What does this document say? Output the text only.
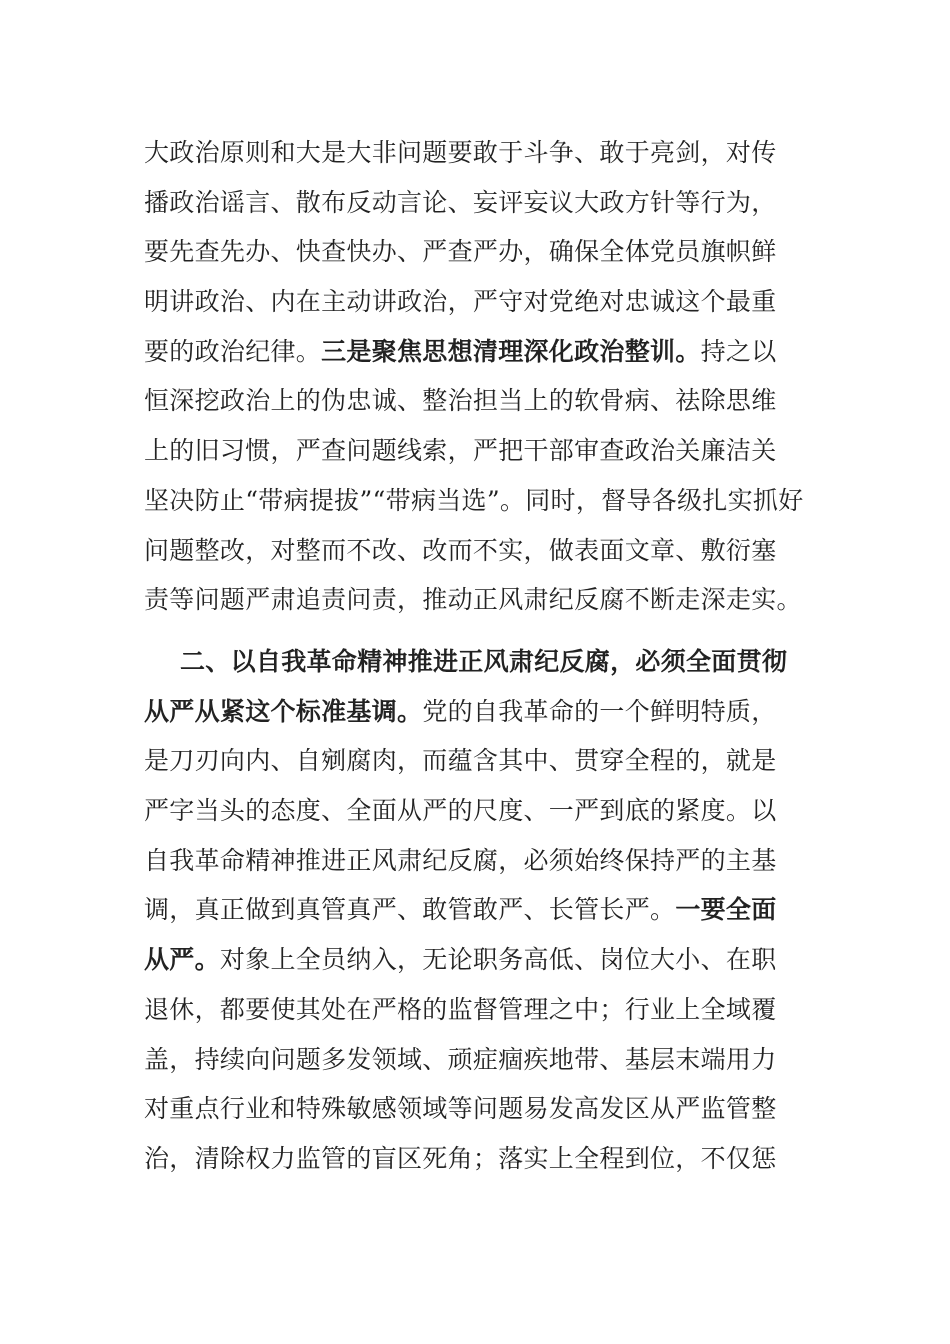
大政治原则和大是大非问题要敢于斗争、敢于亮剑，对传
播政治谣言、散布反动言论、妄评妄议大政方针等行为，
要先查先办、快查快办、严查严办，确保全体党员旗帜鲜
明讲政治、内在主动讲政治，严守对党绝对忠诚这个最重
要的政治纪律。三是聚焦思想清理深化政治整训。持之以
恒深挖政治上的伪忠诚、整治担当上的软骨病、祛除思维
上的旧习惯，严查问题线索，严把干部审查政治关廉洁关
坚决防止“带病提拔”“带病当选”。同时，督导各级扎实抓好
问题整改，对整而不改、改而不实，做表面文章、敷衍塞
责等问题严肃追责问责，推动正风肃纪反腐不断走深走实。
二、以自我革命精神推进正风肃纪反腐，必须全面贯彻
从严从紧这个标准基调。党的自我革命的一个鲜明特质，
是刀刃向内、自剜腐肉，而蕴含其中、贯穿全程的，就是
严字当头的态度、全面从严的尺度、一严到底的紧度。以
自我革命精神推进正风肃纪反腐，必须始终保持严的主基
调，真正做到真管真严、敢管敢严、长管长严。一要全面
从严。对象上全员纳入，无论职务高低、岗位大小、在职
退休，都要使其处在严格的监督管理之中；行业上全域覆
盖，持续向问题多发领域、顽症痼疾地带、基层末端用力
对重点行业和特殊敏感领域等问题易发高发区从严监管整
治，清除权力监管的盲区死角；落实上全程到位，不仅惩
